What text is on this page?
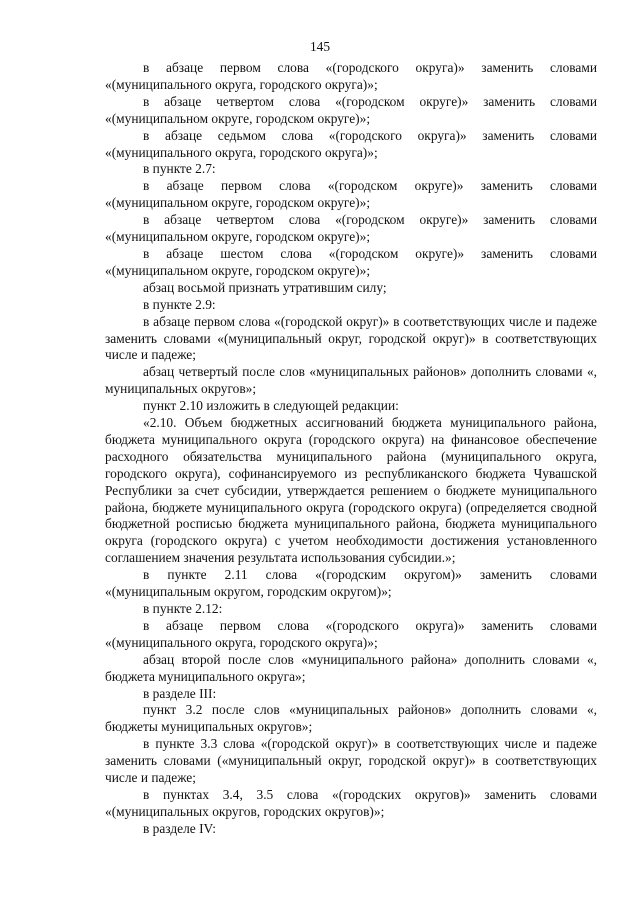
145

в абзаце первом слова «(городского округа)» заменить словами «(муниципального округа, городского округа)»;

в абзаце четвертом слова «(городском округе)» заменить словами «(муниципальном округе, городском округе)»;

в абзаце седьмом слова «(городского округа)» заменить словами «(муниципального округа, городского округа)»;

в пункте 2.7:

в абзаце первом слова «(городском округе)» заменить словами «(муниципальном округе, городском округе)»;

в абзаце четвертом слова «(городском округе)» заменить словами «(муниципальном округе, городском округе)»;

в абзаце шестом слова «(городском округе)» заменить словами «(муниципальном округе, городском округе)»;

абзац восьмой признать утратившим силу;

в пункте 2.9:

в абзаце первом слова «(городской округ)» в соответствующих числе и падеже заменить словами «(муниципальный округ, городской округ)» в соответствующих числе и падеже;

абзац четвертый после слов «муниципальных районов» дополнить словами «, муниципальных округов»;

пункт 2.10 изложить в следующей редакции:

«2.10. Объем бюджетных ассигнований бюджета муниципального района, бюджета муниципального округа (городского округа) на финансовое обеспечение расходного обязательства муниципального района (муниципального округа, городского округа), софинансируемого из республиканского бюджета Чувашской Республики за счет субсидии, утверждается решением о бюджете муниципального района, бюджете муниципального округа (городского округа) (определяется сводной бюджетной росписью бюджета муниципального района, бюджета муниципального округа (городского округа) с учетом необходимости достижения установленного соглашением значения результата использования субсидии.»;

в пункте 2.11 слова «(городским округом)» заменить словами «(муниципальным округом, городским округом)»;

в пункте 2.12:

в абзаце первом слова «(городского округа)» заменить словами «(муниципального округа, городского округа)»;

абзац второй после слов «муниципального района» дополнить словами «, бюджета муниципального округа»;

в разделе III:

пункт 3.2 после слов «муниципальных районов» дополнить словами «, бюджеты муниципальных округов»;

в пункте 3.3 слова «(городской округ)» в соответствующих числе и падеже заменить словами («муниципальный округ, городской округ)» в соответствующих числе и падеже;

в пунктах 3.4, 3.5 слова «(городских округов)» заменить словами «(муниципальных округов, городских округов)»;

в разделе IV:
